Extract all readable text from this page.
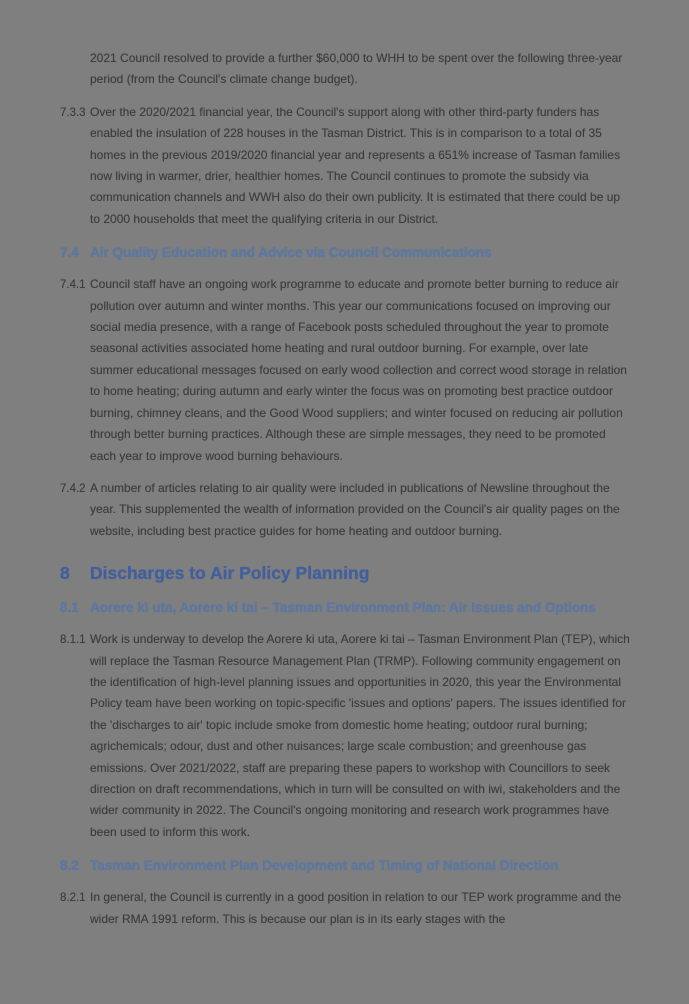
2021 Council resolved to provide a further $60,000 to WHH to be spent over the following three-year period (from the Council's climate change budget).

7.3.3 Over the 2020/2021 financial year, the Council's support along with other third-party funders has enabled the insulation of 228 houses in the Tasman District. This is in comparison to a total of 35 homes in the previous 2019/2020 financial year and represents a 651% increase of Tasman families now living in warmer, drier, healthier homes. The Council continues to promote the subsidy via communication channels and WWH also do their own publicity. It is estimated that there could be up to 2000 households that meet the qualifying criteria in our District.

7.4 Air Quality Education and Advice via Council Communications

7.4.1 Council staff have an ongoing work programme to educate and promote better burning to reduce air pollution over autumn and winter months. This year our communications focused on improving our social media presence, with a range of Facebook posts scheduled throughout the year to promote seasonal activities associated home heating and rural outdoor burning. For example, over late summer educational messages focused on early wood collection and correct wood storage in relation to home heating; during autumn and early winter the focus was on promoting best practice outdoor burning, chimney cleans, and the Good Wood suppliers; and winter focused on reducing air pollution through better burning practices. Although these are simple messages, they need to be promoted each year to improve wood burning behaviours.

7.4.2 A number of articles relating to air quality were included in publications of Newsline throughout the year. This supplemented the wealth of information provided on the Council's air quality pages on the website, including best practice guides for home heating and outdoor burning.

8	Discharges to Air Policy Planning

8.1 Aorere ki uta, Aorere ki tai – Tasman Environment Plan: Air Issues and Options

8.1.1 Work is underway to develop the Aorere ki uta, Aorere ki tai – Tasman Environment Plan (TEP), which will replace the Tasman Resource Management Plan (TRMP). Following community engagement on the identification of high-level planning issues and opportunities in 2020, this year the Environmental Policy team have been working on topic-specific 'issues and options' papers. The issues identified for the 'discharges to air' topic include smoke from domestic home heating; outdoor rural burning; agrichemicals; odour, dust and other nuisances; large scale combustion; and greenhouse gas emissions. Over 2021/2022, staff are preparing these papers to workshop with Councillors to seek direction on draft recommendations, which in turn will be consulted on with iwi, stakeholders and the wider community in 2022. The Council's ongoing monitoring and research work programmes have been used to inform this work.

8.2 Tasman Environment Plan Development and Timing of National Direction

8.2.1 In general, the Council is currently in a good position in relation to our TEP work programme and the wider RMA 1991 reform. This is because our plan is in its early stages with the
